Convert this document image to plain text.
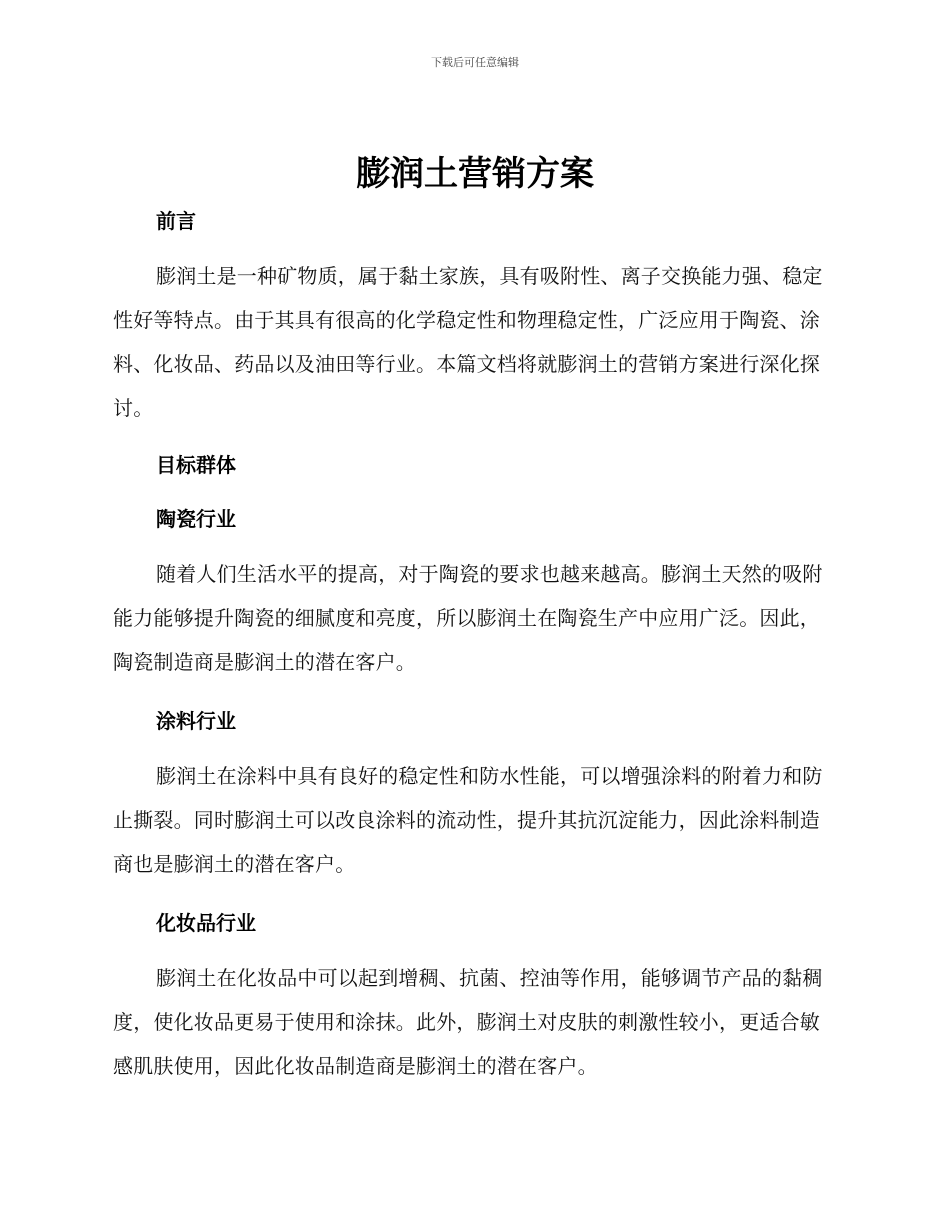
下载后可任意编辑
膨润土营销方案
前言

膨润土是一种矿物质，属于黏土家族，具有吸附性、离子交换能力强、稳定性好等特点。由于其具有很高的化学稳定性和物理稳定性，广泛应用于陶瓷、涂料、化妆品、药品以及油田等行业。本篇文档将就膨润土的营销方案进行深化探讨。

目标群体
陶瓷行业

随着人们生活水平的提高，对于陶瓷的要求也越来越高。膨润土天然的吸附能力能够提升陶瓷的细腻度和亮度，所以膨润土在陶瓷生产中应用广泛。因此，陶瓷制造商是膨润土的潜在客户。

涂料行业

膨润土在涂料中具有良好的稳定性和防水性能，可以增强涂料的附着力和防止撕裂。同时膨润土可以改良涂料的流动性，提升其抗沉淀能力，因此涂料制造商也是膨润土的潜在客户。

化妆品行业

膨润土在化妆品中可以起到增稠、抗菌、控油等作用，能够调节产品的黏稠度，使化妆品更易于使用和涂抹。此外，膨润土对皮肤的刺激性较小，更适合敏感肌肤使用，因此化妆品制造商是膨润土的潜在客户。
